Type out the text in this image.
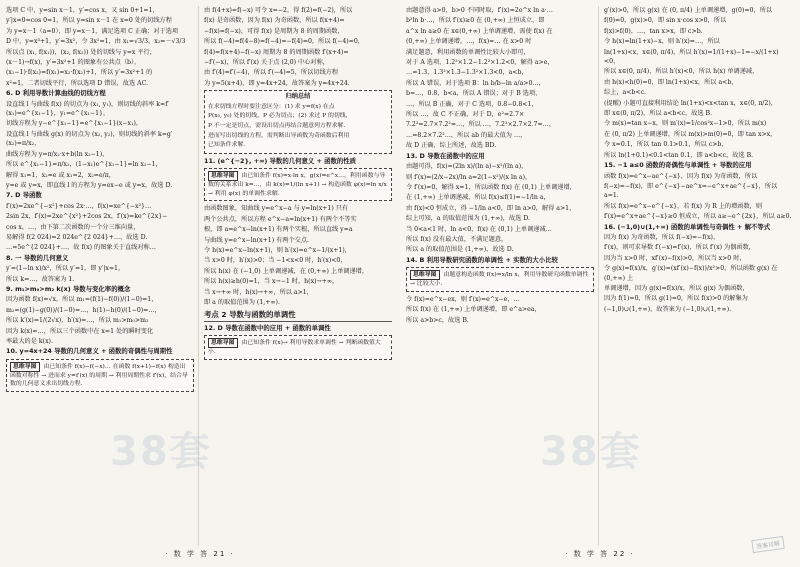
选项 C 中，y=sin x－1，y′=cos x，又 sin 0+1=1，

y′|x=0=cos 0=1，所以 y=sin x－1 在 x=0 处的切线方程

为 y=x－1（a=0），即 y=x－1，满足选项 C 正确；对于选项

D 中，y=x³+1，y′=3x²，令 3x²=1，由 x₁=√3/3，x₂=－√3/3

所以点 (x₁, f(x₁))，(x₂, f(x₂)) 处的切线与 y=x 平行，

(x－1)→f(x)，y′=3x²+1 的图象有公共点（b），

(x₁−1)·f(x₂)=f(x₁)=x₂·f(x₂)+1，所以 y′=3x²+1 的

x²=1，二者切线平行，所以选项 D 错误，故选 AC.

6. D 利用导数计算曲线的切线方程

设直线 l 与曲线 f(x) 的切点为 (x₁, y₁)，则切线的斜率 k=f′(x₁)=e^{x₁−1}，y₁=e^{x₁−1}，

切线方程为 y−e^{x₁−1}=e^{x₁−1}(x−x₁)，

设直线 l 与曲线 g(x) 的切点为 (x₂, y₂)，则切线的斜率 k=g′(x₂)=π/x₂，

曲线方程为 y=π/x₂·x+b(ln x₂−1)，

所以 e^{x₁−1}=π/x₂，(1−x₁)e^{x₁−1}=ln x₂−1，

解得 x₁=1，x₂=e 或 x₁=2，x₂=e/π，

y=e 或 y=x，即直线 l 的方程为 y=ex−e 或 y=x，故选 D.

7. D 导函数

f′(x)=2xe^{−x²}+cos 2x·…，f(x)=xe^{−x²}…

2sin 2x，f′(x)=2xe^{x²}+2cos 2x，f′(x)=ke^{2x}−

cos x，…，由下第二次函数的一个分三维向量，

易解得 f(2 024)=2 024e^{2 024}+…，故选 D.

…=5e^{2 024}+…，故 f(x) 的图象关于直线对称…

8. 一 导数的几何意义

y′=(1−ln x)/x²，所以 y′=1，即 y′|x=1，

所以 k=…，故答案为 1.

9. m₁>m₀>m₂ k(x) 导数与变化率的概念

因为函数 f(x)=√x，所以 m₁=(f(1)−f(0))/(1−0)=1，

m₂=(g(1)−g(0))/(1−0)=…，h(1)−h(0)/(1−0)=…，

所以 k′(x)=1/(2√x)，h′(x)=…，所以 m₁>m₀>m₂

因为 k(x)=…，所以三个函数中在 x=1 处的瞬时变化

率最大的是 k(x).

10. y=4x+24 导数的几何意义 + 函数的奇偶性与周期性

思维导图 由已知条件 f(x)−f(−x)… 在函数 f(x+1)−f(x) 构造出函数对称性 → 进而求 y=f′(x) 的周期 → 利用周期性求 f′(x)，结合导数的几何意义求出切线方程.

由 f(4+x)=f(−x) 可令 x=−2，得 f(2)=f(−2)，所以

f(x) 是奇函数，因为 f(x) 为奇函数，所以 f(x+4)=

−f(x)=f(−x)，可得 f(x) 是周期为 8 的周期函数，

所以 f(−4)=f(4−8)=f(−4)=−f(4)=0，所以 f(−4)=0，

f(4)=f(x+4)−f(−x) 周期为 8 的周期函数 f′(x+4)=

−f′(−x)，所以 f′(x) 关于点 (2,0) 中心对称，

由 f′(4)=f′(−4)，所以 f′(−4)=5，所以切线方程

为 y=5(x+4)，即 y=4x+24，故答案为 y=4x+24.

归纳总结

在求切线方程时要注意区分：(1) 求 y=f(x) 在点

P(x₀, y₀) 处的切线，P 必为切点；(2) 求过 P 的切线，

P 不一定是切点，需设出切点再结合题意列方程求解.

进而写出切线的方程，需判断出导函数为奇函数后利用

已知条件求解.

11. (e^{−2}, +∞) 导数的几何意义 + 函数的性质

思维导图 由已知条件 f(x)=x·ln x，g(x)=e^x…，利用函数与导数的关系求出 k=…，由 k(x)=1/(ln x+1) → 构造函数 φ(x)=ln x/x → 利用 φ(x) 的单调性求解.

由函数图象，知曲线 y=e^x−a 与 y=ln(x+1) 只有

两个公共点，所以方程 e^x−a=ln(x+1) 有两个不等实

根，即 a=e^x−ln(x+1) 有两个实根，所以直线 y=a

与曲线 y=e^x−ln(x+1) 有两个交点.

令 h(x)=e^x−ln(x+1)，则 h′(x)=e^x−1/(x+1)，

当 x>0 时，h′(x)>0；当 −1<x<0 时，h′(x)<0，

所以 h(x) 在 (−1,0) 上单调递减，在 (0,+∞) 上单调递增，

所以 h(x)≥h(0)=1，当 x→−1 时，h(x)→+∞，

当 x→+∞ 时，h(x)→+∞，所以 a>1，

即 a 的取值范围为 (1,+∞).

考点 2 导数与函数的单调性

12. D 导数在函数中的应用 + 函数的单调性

思维导图 由已知条件 f(x)→ 利用导数求单调性 → 判断函数值大小.
38套
· 数 学 答 21 ·

由题意得 a>0，b>0 不同时取，f′(x)=2e^x ln a·…

b²ln b·…，所以 f′(x)≥0 在 (0,+∞) 上恒成立，即

a^x ln a≥0 在 x∈(0,+∞) 上单调递增，需使 f(x) 在

(0,+∞) 上单调递增，…，f(x)=… 在 x>0 时

满足题意，利用函数的单调性比较大小即可，

对于 A 选项，1.2²×1.2−1.2²×1.2<0，解得 a>e，

…=1.3，1.3²×1.3−1.3²×1.3<0，a<b，

所以 A 错误，对于选项 B：ln b/b−ln a/a>0…，

b=…，0.8，b<a，所以 A 错误；对于 B 选项，

…，所以 B 正确，对于 C 选项，0.8−0.8<1，

所以 …，故 C 不正确，对于 D，e²≈2.7×

7.2²=2.7×7.2²≈…，所以 …，7.2²×2.7×2.7≈…，

…=8.2×7.2²…，所以 ab 的最大值为 …，

故 D 正确，综上所述，故选 BD.

13. D 导数在函数中的应用

由题可得，f(x)=(2ln x)/(ln a)−x²/(ln a)，

则 f′(x)=(2/x−2x)/ln a=2(1−x²)/(x ln a)，

令 f′(x)=0，解得 x=1，所以函数 f(x) 在 (0,1) 上单调递增，

在 (1,+∞) 上单调递减，所以 f(x)≤f(1)=−1/ln a，

由 f(x)<0 恒成立，得 −1/ln a<0，即 ln a>0，解得 a>1，

综上可知，a 的取值范围为 (1,+∞)，故选 D.

当 0<a<1 时，ln a<0，f(x) 在 (0,1) 上单调递减…

所以 f(x) 没有最大值，不满足题意，

所以 a 的取值范围是 (1,+∞)，故选 D.

14. B 利用导数研究函数的单调性 + 实数的大小比较

思维导图 由题意构造函数 f(x)=x/ln x，利用导数研究函数单调性 → 比较大小.

令 f(x)=e^x−ex，则 f′(x)=e^x−e，…

所以 f(x) 在 (1,+∞) 上单调递增，即 e^a>ea，

所以 a>b>c，故选 B.

g′(x)>0，所以 g(x) 在 (0, π/4) 上单调递增，g(0)=0，所以

f(0)=0，g(x)>0，即 sin x·cos x>0，所以

f(x)>f(0)，…，tan x>x，即 c>b.

令 h(x)=ln(1+x)−x，则 h′(x)=…，所以

ln(1+x)<x，x∈(0, π/4)，所以 h′(x)=1/(1+x)−1=−x/(1+x)<0，

所以 x∈(0, π/4)，所以 h′(x)<0，所以 h(x) 单调递减，

由 h(x)<h(0)=0，即 ln(1+x)<x，所以 a<b，

综上，a<b<c.

(提醒) 小题可直接利用结论 ln(1+x)<x<tan x，x∈(0, π/2)，

即 x∈(0, π/2)，所以 a<b<c，故选 B.

令 m(x)=tan x−x，则 m′(x)=1/cos²x−1>0，所以 m(x)

在 (0, π/2) 上单调递增，所以 m(x)>m(0)=0，即 tan x>x，

令 x=0.1，所以 tan 0.1>0.1，所以 c>b，

所以 ln(1+0.1)<0.1<tan 0.1，即 a<b<c，故选 B.

15. −1 a≤0 函数的奇偶性与单调性 + 导数的应用

函数 f(x)=e^x−ae^{−x}，因为 f(x) 为奇函数，所以

f(−x)=−f(x)，即 e^{−x}−ae^x=−e^x+ae^{−x}，所以 a=1.

所以 f(x)=e^x−e^{−x}，若 f(x) 为 R 上的增函数，则

f′(x)=e^x+ae^{−x}≥0 恒成立，所以 a≥−e^{2x}，所以 a≥0.

16. (−1,0)∪(1,+∞) 函数的单调性与奇偶性 + 解不等式

因为 f(x) 为奇函数，所以 f(−x)=−f(x)，

f′(x)，则可求导数 f′(−x)=f′(x)，所以 f′(x) 为偶函数，

因为当 x>0 时，xf′(x)−f(x)>0，所以当 x>0 时，

令 g(x)=f(x)/x，g′(x)=(xf′(x)−f(x))/x²>0，所以函数 g(x) 在 (0,+∞) 上

单调递增，因为 g(x)=f(x)/x，所以 g(x) 为偶函数，

因为 f(1)=0，所以 g(1)=0，所以 f(x)>0 的解集为

(−1,0)∪(1,+∞)，故答案为 (−1,0)∪(1,+∞).

38套
答案详解
· 数 学 答 22 ·
